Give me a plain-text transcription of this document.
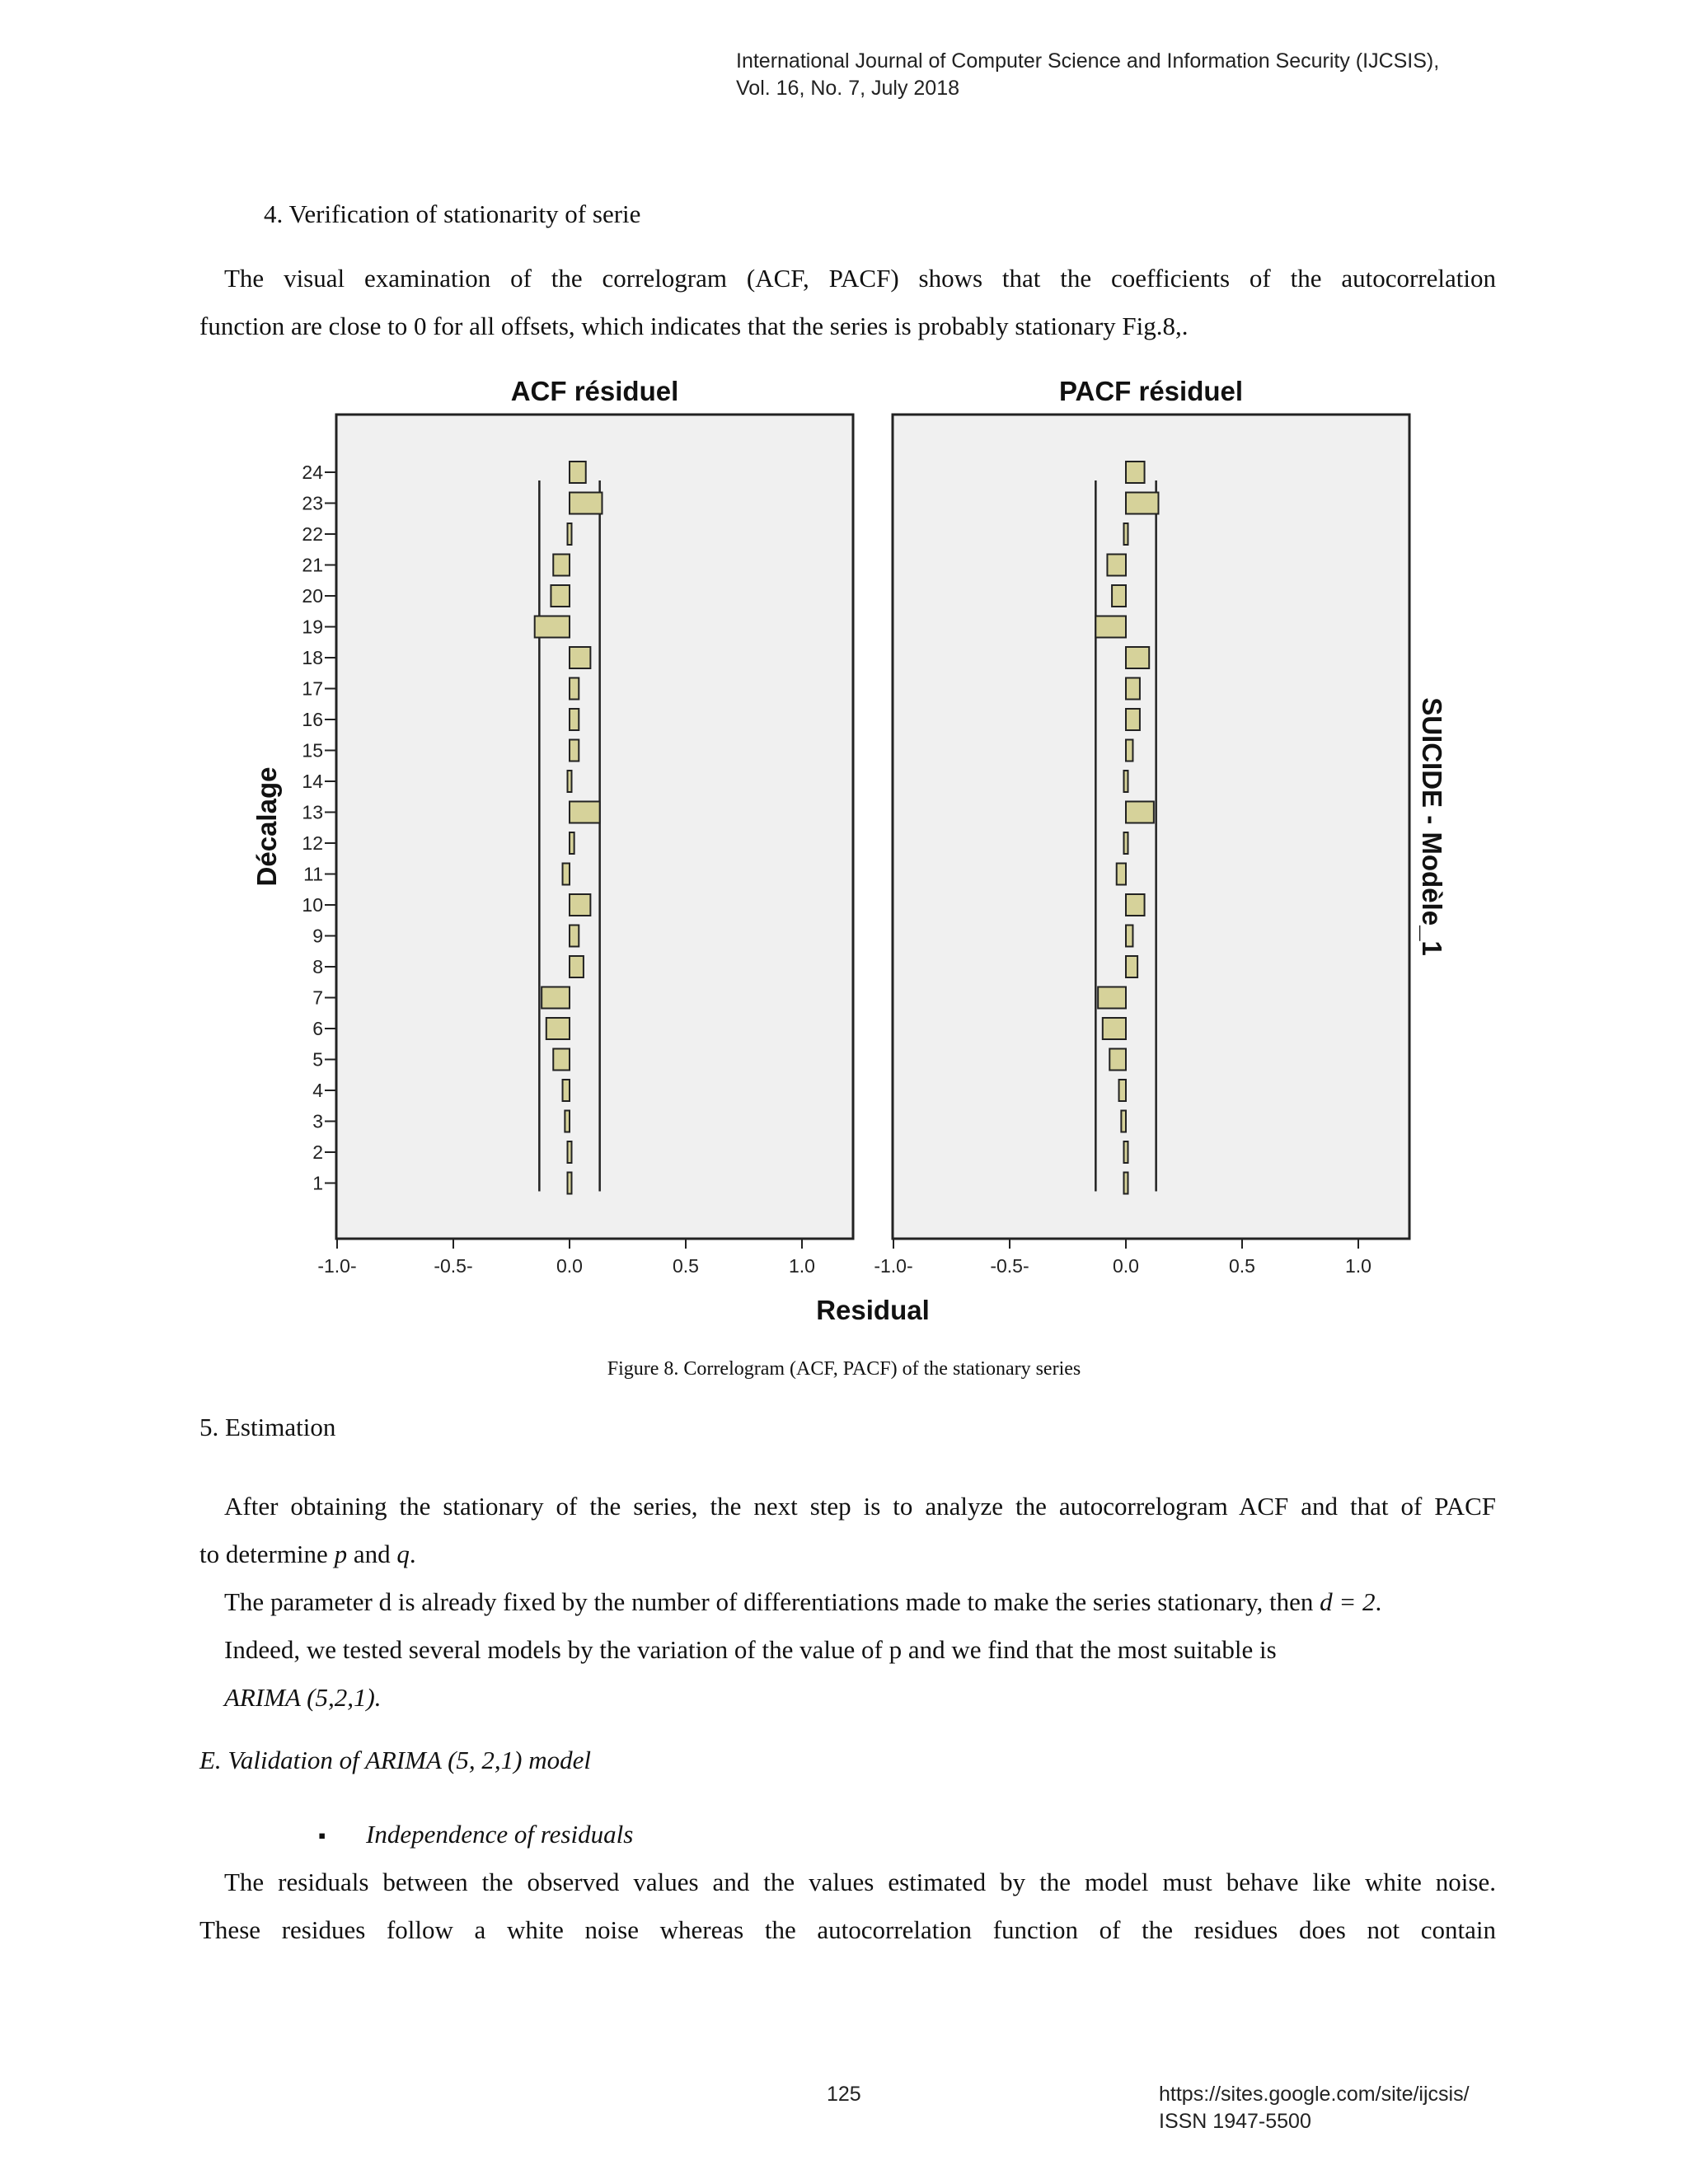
International Journal of Computer Science and Information Security (IJCSIS),
Vol. 16, No. 7, July 2018
4. Verification of stationarity of serie
The visual examination of the correlogram (ACF, PACF) shows that the coefficients of the autocorrelation
function are close to 0 for all offsets, which indicates that the series is probably stationary Fig.8,.
ACF résiduel
-1.0-	-0.5-	0.0	0.5	1.0
PACF résiduel
-1.0-	-0.5-	0.0	0.5	1.0
1
2
3
4
5
6
7
8
9
10
11
12
13
14
15
16
17
18
19
20
21
22
23
24
Décalage
Residual
SUICIDE - Modèle_1
Figure 8. Correlogram (ACF, PACF) of the stationary series
5. Estimation
After obtaining the stationary of the series, the next step is to analyze the autocorrelogram ACF and that of PACF
to determine p and q.
The parameter d is already fixed by the number of differentiations made to make the series stationary, then d = 2.
Indeed, we tested several models by the variation of the value of p and we find that the most suitable is
ARIMA (5,2,1).
E. Validation of ARIMA (5, 2,1) model
▪ Independence of residuals
The residuals between the observed values and the values estimated by the model must behave like white noise.
These residues follow a white noise whereas the autocorrelation function of the residues does not contain
125	https://sites.google.com/site/ijcsis/
ISSN 1947-5500
